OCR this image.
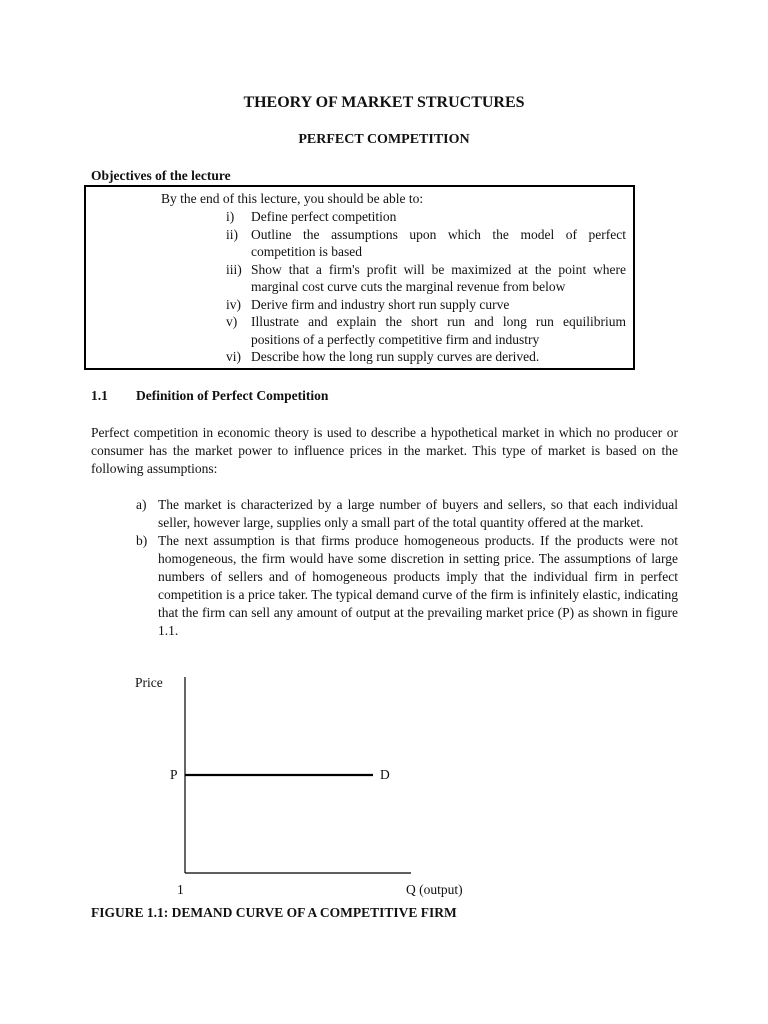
THEORY OF MARKET STRUCTURES
PERFECT COMPETITION
Objectives of the lecture
By the end of this lecture, you should be able to:
i) Define perfect competition
ii) Outline the assumptions upon which the model of perfect competition is based
iii) Show that a firm's profit will be maximized at the point where marginal cost curve cuts the marginal revenue from below
iv) Derive firm and industry short run supply curve
v) Illustrate and explain the short run and long run equilibrium positions of a perfectly competitive firm and industry
vi) Describe how the long run supply curves are derived.
1.1 Definition of Perfect Competition
Perfect competition in economic theory is used to describe a hypothetical market in which no producer or consumer has the market power to influence prices in the market. This type of market is based on the following assumptions:
a) The market is characterized by a large number of buyers and sellers, so that each individual seller, however large, supplies only a small part of the total quantity offered at the market.
b) The next assumption is that firms produce homogeneous products. If the products were not homogeneous, the firm would have some discretion in setting price. The assumptions of large numbers of sellers and of homogeneous products imply that the individual firm in perfect competition is a price taker. The typical demand curve of the firm is infinitely elastic, indicating that the firm can sell any amount of output at the prevailing market price (P) as shown in figure 1.1.
Price
P	D
1	Q (output)
FIGURE 1.1: DEMAND CURVE OF A COMPETITIVE FIRM
